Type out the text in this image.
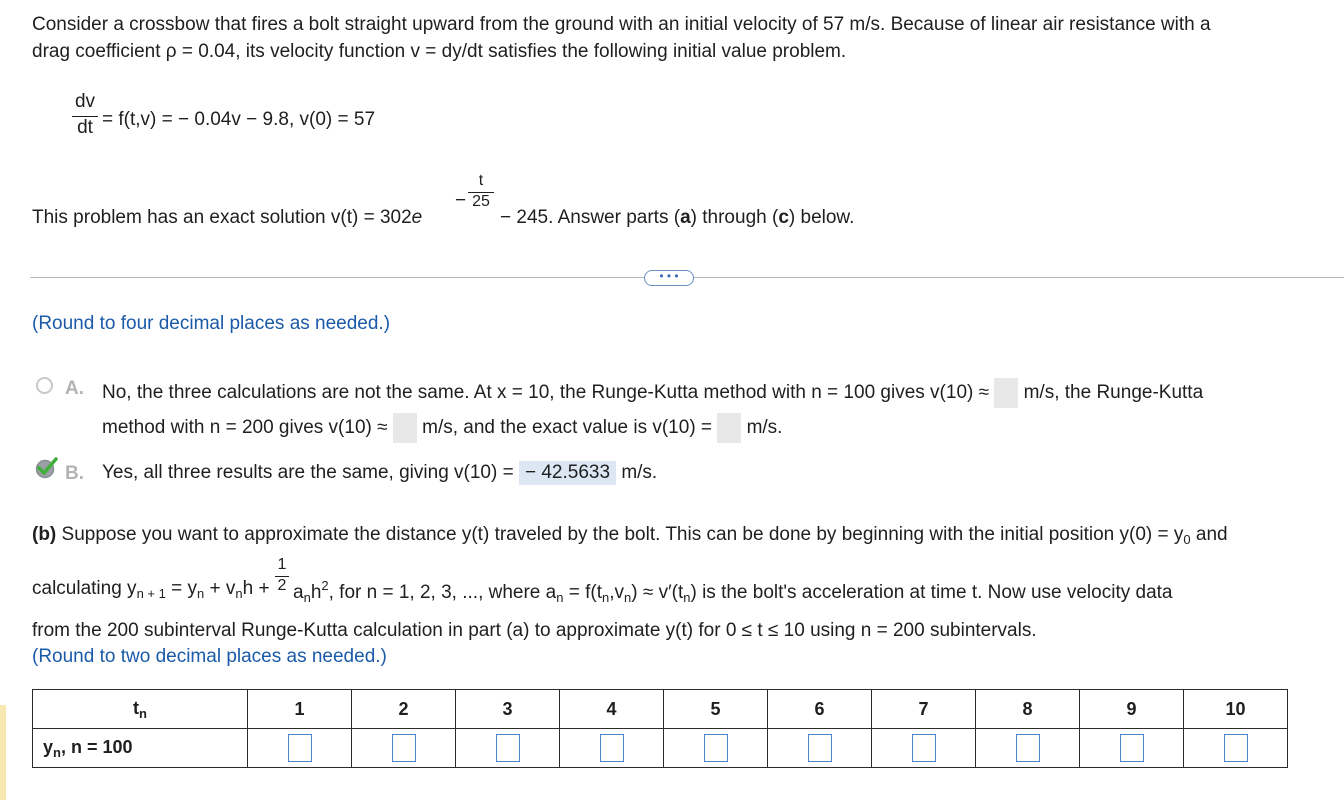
Consider a crossbow that fires a bolt straight upward from the ground with an initial velocity of 57 m/s. Because of linear air resistance with a
drag coefficient ρ = 0.04, its velocity function v = dy/dt satisfies the following initial value problem.
dv
dt = f(t,v) = − 0.04v − 9.8, v(0) = 57
This problem has an exact solution v(t) = 302e
−
t
25
− 245. Answer parts (a) through (c) below.
• • •
(Round to four decimal places as needed.)
A. No, the three calculations are not the same. At x = 10, the Runge-Kutta method with n = 100 gives v(10) ≈ m/s, the Runge-Kutta
method with n = 200 gives v(10) ≈ m/s, and the exact value is v(10) = m/s.
B. Yes, all three results are the same, giving v(10) = − 42.5633 m/s.
(b) Suppose you want to approximate the distance y(t) traveled by the bolt. This can be done by beginning with the initial position $y(0) = y_0$ and
1
2
calculating $y_{n + 1} = y_n + v_nh + a_nh^2$, for n = 1, 2, 3, ..., where $a_n = f(t_n,v_n) \approx v'(t_n)$ is the bolt's acceleration at time t. Now use velocity data
from the 200 subinterval Runge-Kutta calculation in part (a) to approximate y(t) for 0 ≤ t ≤ 10 using n = 200 subintervals.
(Round to two decimal places as needed.)
$t_n$	1	2	3	4	5	6	7	8	9	10
$y_n$, n = 100										
